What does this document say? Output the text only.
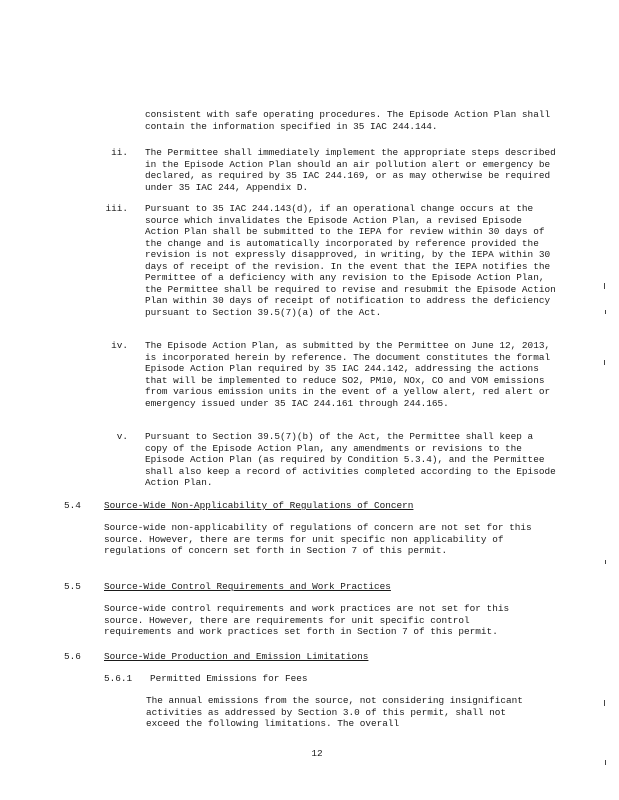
consistent with safe operating procedures. The Episode Action Plan shall contain the information specified in 35 IAC 244.144.
ii. The Permittee shall immediately implement the appropriate steps described in the Episode Action Plan should an air pollution alert or emergency be declared, as required by 35 IAC 244.169, or as may otherwise be required under 35 IAC 244, Appendix D.
iii. Pursuant to 35 IAC 244.143(d), if an operational change occurs at the source which invalidates the Episode Action Plan, a revised Episode Action Plan shall be submitted to the IEPA for review within 30 days of the change and is automatically incorporated by reference provided the revision is not expressly disapproved, in writing, by the IEPA within 30 days of receipt of the revision. In the event that the IEPA notifies the Permittee of a deficiency with any revision to the Episode Action Plan, the Permittee shall be required to revise and resubmit the Episode Action Plan within 30 days of receipt of notification to address the deficiency pursuant to Section 39.5(7)(a) of the Act.
iv. The Episode Action Plan, as submitted by the Permittee on June 12, 2013, is incorporated herein by reference. The document constitutes the formal Episode Action Plan required by 35 IAC 244.142, addressing the actions that will be implemented to reduce SO2, PM10, NOx, CO and VOM emissions from various emission units in the event of a yellow alert, red alert or emergency issued under 35 IAC 244.161 through 244.165.
v. Pursuant to Section 39.5(7)(b) of the Act, the Permittee shall keep a copy of the Episode Action Plan, any amendments or revisions to the Episode Action Plan (as required by Condition 5.3.4), and the Permittee shall also keep a record of activities completed according to the Episode Action Plan.
5.4	Source-Wide Non-Applicability of Regulations of Concern
Source-wide non-applicability of regulations of concern are not set for this source. However, there are terms for unit specific non applicability of regulations of concern set forth in Section 7 of this permit.
5.5	Source-Wide Control Requirements and Work Practices
Source-wide control requirements and work practices are not set for this source. However, there are requirements for unit specific control requirements and work practices set forth in Section 7 of this permit.
5.6	Source-Wide Production and Emission Limitations
5.6.1	Permitted Emissions for Fees
The annual emissions from the source, not considering insignificant activities as addressed by Section 3.0 of this permit, shall not exceed the following limitations. The overall
12
